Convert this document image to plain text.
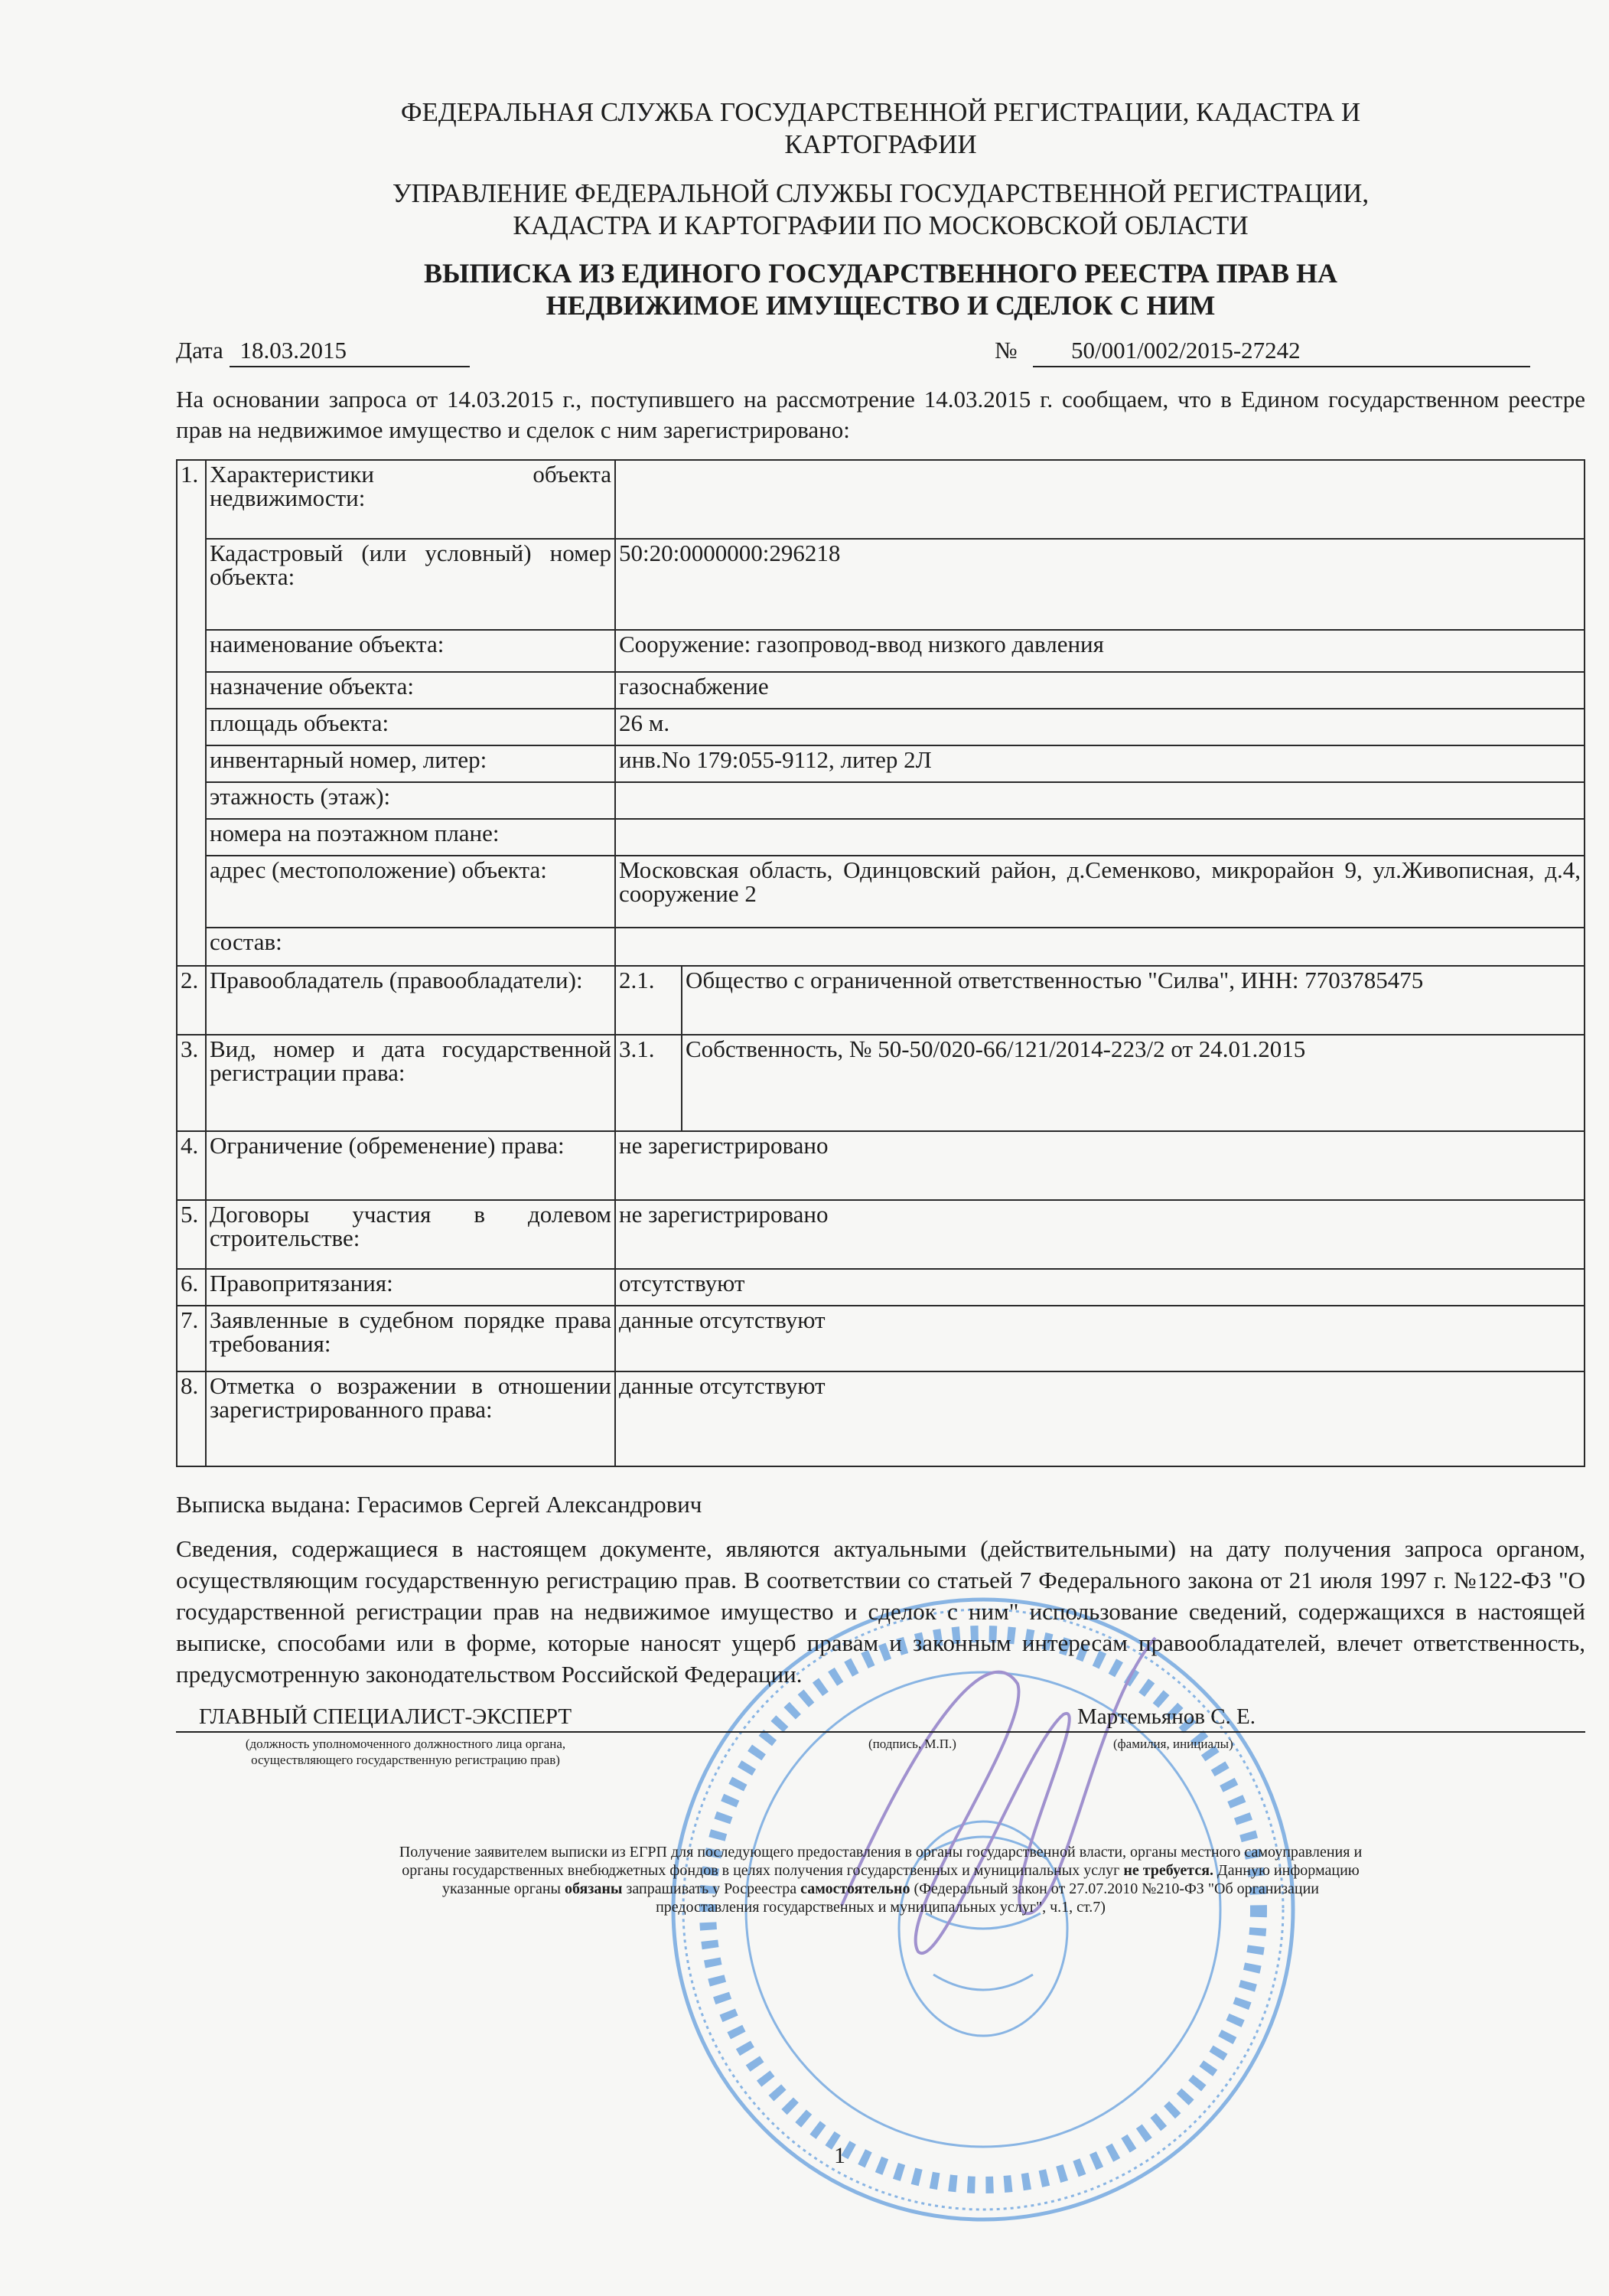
ФЕДЕРАЛЬНАЯ СЛУЖБА ГОСУДАРСТВЕННОЙ РЕГИСТРАЦИИ, КАДАСТРА И
КАРТОГРАФИИ
УПРАВЛЕНИЕ ФЕДЕРАЛЬНОЙ СЛУЖБЫ ГОСУДАРСТВЕННОЙ РЕГИСТРАЦИИ,
КАДАСТРА И КАРТОГРАФИИ ПО МОСКОВСКОЙ ОБЛАСТИ
ВЫПИСКА ИЗ ЕДИНОГО ГОСУДАРСТВЕННОГО РЕЕСТРА ПРАВ НА
НЕДВИЖИМОЕ ИМУЩЕСТВО И СДЕЛОК С НИМ
Дата 18.03.2015	№	50/001/002/2015-27242
На основании запроса от 14.03.2015 г., поступившего на рассмотрение 14.03.2015 г. сообщаем, что в Едином государственном реестре прав на недвижимое имущество и сделок с ним зарегистрировано:
1.	Характеристики объекта недвижимости:		
	Кадастровый (или условный) номер объекта:	50:20:0000000:296218	
	наименование объекта:	Сооружение: газопровод-ввод низкого давления	
	назначение объекта:	газоснабжение	
	площадь объекта:	26 м.	
	инвентарный номер, литер:	инв.No 179:055-9112, литер 2Л	
	этажность (этаж):		
	номера на поэтажном плане:		
	адрес (местоположение) объекта:	Московская область, Одинцовский район, д.Семенково, микрорайон 9, ул.Живописная, д.4, сооружение 2	
	состав:		
2.	Правообладатель (правообладатели):	2.1.	Общество с ограниченной ответственностью "Силва", ИНН: 7703785475
3.	Вид, номер и дата государственной регистрации права:	3.1.	Собственность, № 50-50/020-66/121/2014-223/2 от 24.01.2015
4.	Ограничение (обременение) права:	не зарегистрировано	
5.	Договоры участия в долевом строительстве:	не зарегистрировано	
6.	Правопритязания:	отсутствуют	
7.	Заявленные в судебном порядке права требования:	данные отсутствуют	
8.	Отметка о возражении в отношении зарегистрированного права:	данные отсутствуют	
Выписка выдана: Герасимов Сергей Александрович
Сведения, содержащиеся в настоящем документе, являются актуальными (действительными) на дату получения запроса органом, осуществляющим государственную регистрацию прав. В соответствии со статьей 7 Федерального закона от 21 июля 1997 г. №122-ФЗ "О государственной регистрации прав на недвижимое имущество и сделок с ним" использование сведений, содержащихся в настоящей выписке, способами или в форме, которые наносят ущерб правам и законным интересам правообладателей, влечет ответственность, предусмотренную законодательством Российской Федерации.
ГЛАВНЫЙ СПЕЦИАЛИСТ-ЭКСПЕРТ	Мартемьянов С. Е.
(должность уполномоченного должностного лица органа,
осуществляющего государственную регистрацию прав)
(подпись, М.П.)	(фамилия, инициалы)
Получение заявителем выписки из ЕГРП для последующего предоставления в органы государственной власти, органы местного самоуправления и
органы государственных внебюджетных фондов в целях получения государственных и муниципальных услуг не требуется. Данную информацию
указанные органы обязаны запрашивать у Росреестра самостоятельно (Федеральный закон от 27.07.2010 №210-ФЗ "Об организации
предоставления государственных и муниципальных услуг", ч.1, ст.7)
1
